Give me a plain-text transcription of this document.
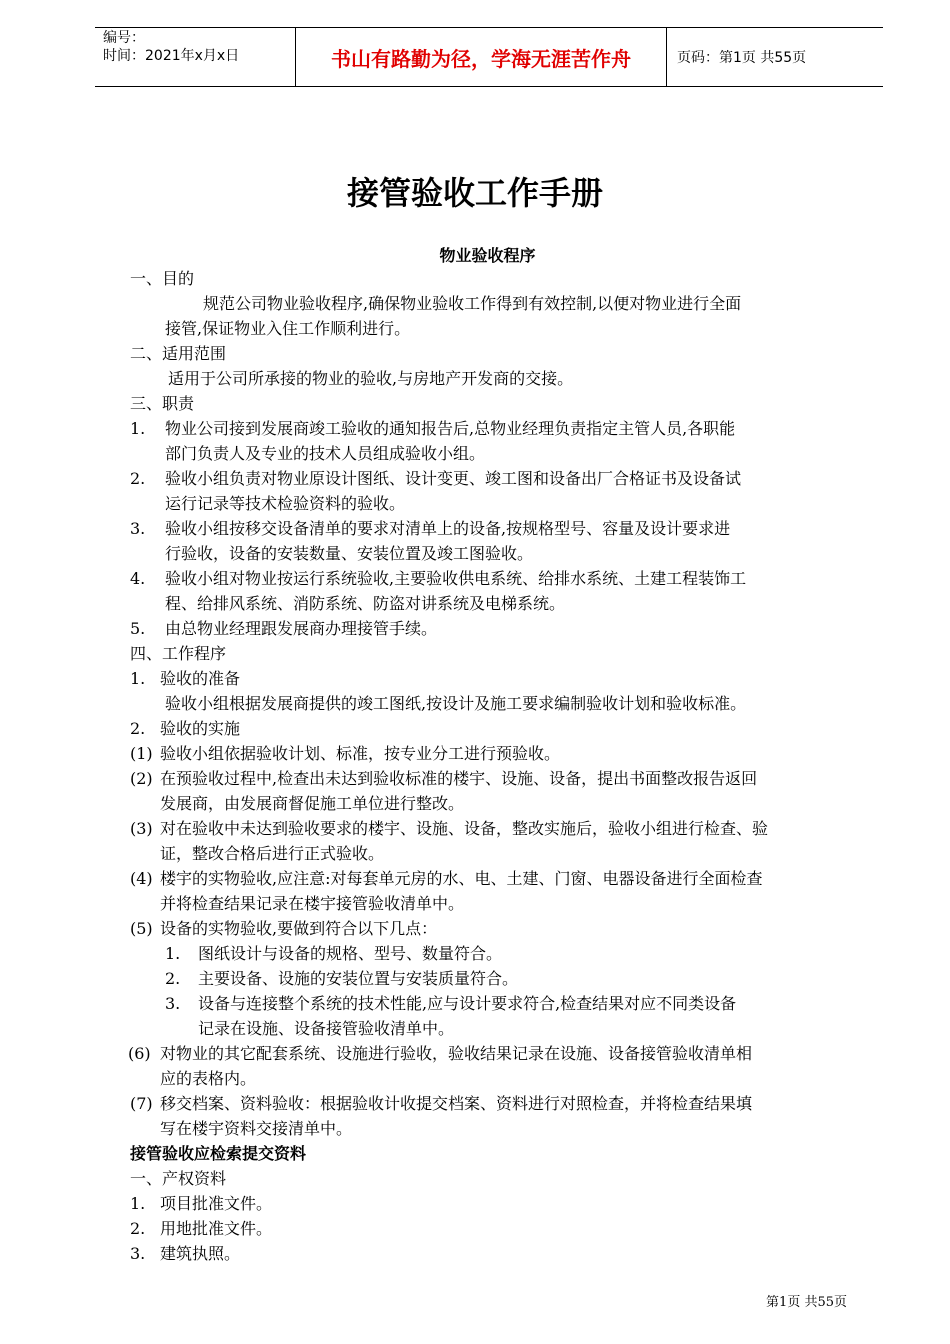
编号：
时间：2021年x月x日	书山有路勤为径，学海无涯苦作舟	页码：第1页 共55页
接管验收工作手册
物业验收程序
一、目的
规范公司物业验收程序,确保物业验收工作得到有效控制,以便对物业进行全面
接管,保证物业入住工作顺利进行。
二、适用范围
适用于公司所承接的物业的验收,与房地产开发商的交接。
三、职责
1. 物业公司接到发展商竣工验收的通知报告后,总物业经理负责指定主管人员,各职能
部门负责人及专业的技术人员组成验收小组。
2. 验收小组负责对物业原设计图纸、设计变更、竣工图和设备出厂合格证书及设备试
运行记录等技术检验资料的验收。
3. 验收小组按移交设备清单的要求对清单上的设备,按规格型号、容量及设计要求进
行验收，设备的安装数量、安装位置及竣工图验收。
4. 验收小组对物业按运行系统验收,主要验收供电系统、给排水系统、土建工程装饰工
程、给排风系统、消防系统、防盗对讲系统及电梯系统。
5. 由总物业经理跟发展商办理接管手续。
四、工作程序
1. 验收的准备
验收小组根据发展商提供的竣工图纸,按设计及施工要求编制验收计划和验收标准。
2. 验收的实施
(1) 验收小组依据验收计划、标准，按专业分工进行预验收。
(2) 在预验收过程中,检查出未达到验收标准的楼宇、设施、设备，提出书面整改报告返回
发展商，由发展商督促施工单位进行整改。
(3) 对在验收中未达到验收要求的楼宇、设施、设备，整改实施后，验收小组进行检查、验
证，整改合格后进行正式验收。
(4) 楼宇的实物验收,应注意:对每套单元房的水、电、土建、门窗、电器设备进行全面检查
并将检查结果记录在楼宇接管验收清单中。
(5) 设备的实物验收,要做到符合以下几点：
1. 图纸设计与设备的规格、型号、数量符合。
2. 主要设备、设施的安装位置与安装质量符合。
3. 设备与连接整个系统的技术性能,应与设计要求符合,检查结果对应不同类设备
记录在设施、设备接管验收清单中。
(6) 对物业的其它配套系统、设施进行验收，验收结果记录在设施、设备接管验收清单相
应的表格内。
(7) 移交档案、资料验收：根据验收计收提交档案、资料进行对照检查，并将检查结果填
写在楼宇资料交接清单中。
接管验收应检索提交资料
一、产权资料
1. 项目批准文件。
2. 用地批准文件。
3. 建筑执照。
第1页 共55页
